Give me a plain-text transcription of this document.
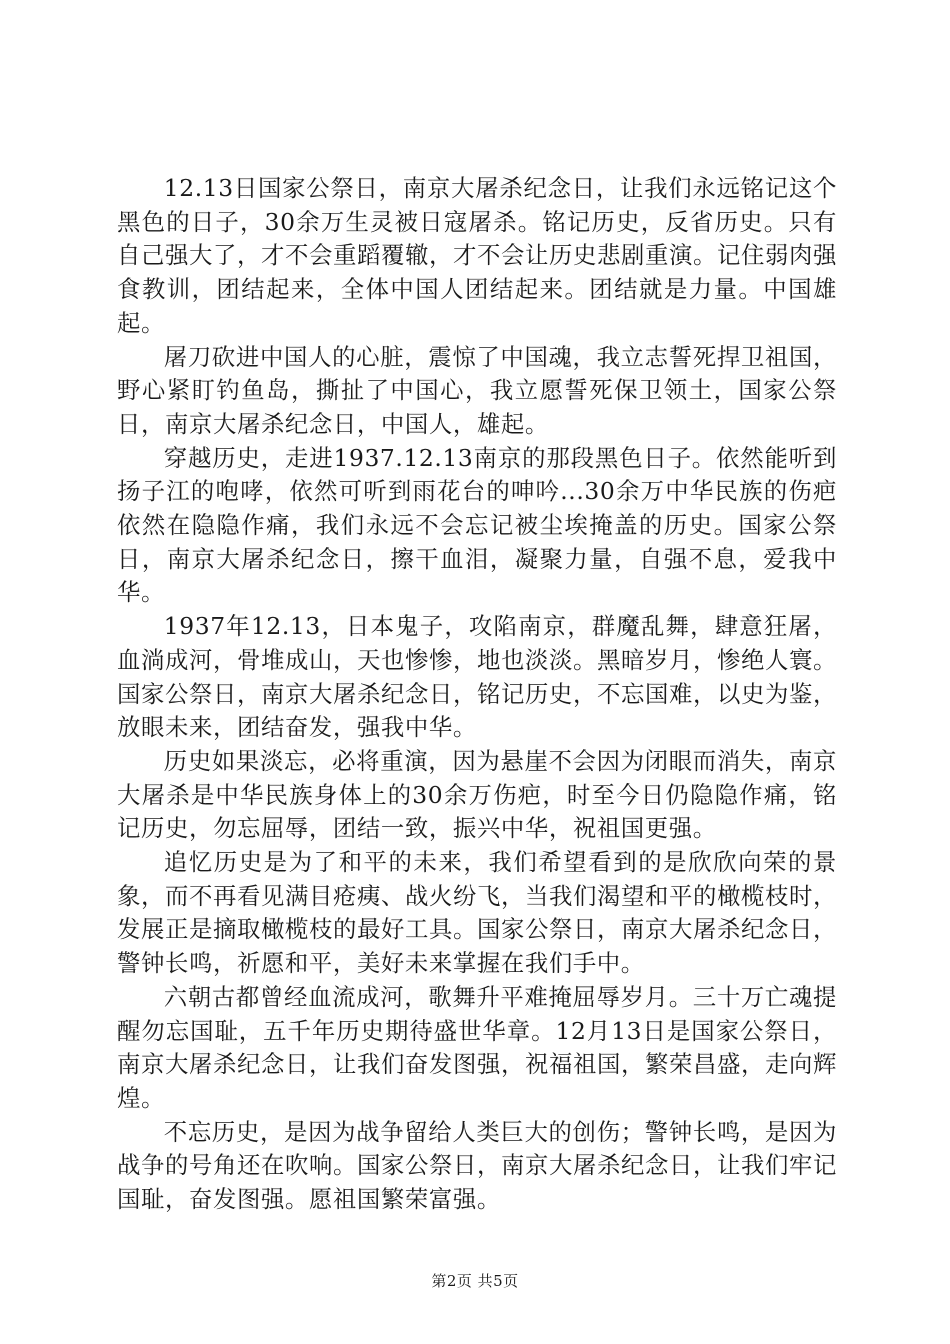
12.13日国家公祭日，南京大屠杀纪念日，让我们永远铭记这个黑色的日子，30余万生灵被日寇屠杀。铭记历史，反省历史。只有自己强大了，才不会重蹈覆辙，才不会让历史悲剧重演。记住弱肉强食教训，团结起来，全体中国人团结起来。团结就是力量。中国雄起。

屠刀砍进中国人的心脏，震惊了中国魂，我立志誓死捍卫祖国，野心紧盯钓鱼岛，撕扯了中国心，我立愿誓死保卫领土，国家公祭日，南京大屠杀纪念日，中国人，雄起。

穿越历史，走进1937.12.13南京的那段黑色日子。依然能听到扬子江的咆哮，依然可听到雨花台的呻吟...30余万中华民族的伤疤依然在隐隐作痛，我们永远不会忘记被尘埃掩盖的历史。国家公祭日，南京大屠杀纪念日，擦干血泪，凝聚力量，自强不息，爱我中华。

1937年12.13，日本鬼子，攻陷南京，群魔乱舞，肆意狂屠，血淌成河，骨堆成山，天也惨惨，地也淡淡。黑暗岁月，惨绝人寰。国家公祭日，南京大屠杀纪念日，铭记历史，不忘国难，以史为鉴，放眼未来，团结奋发，强我中华。

历史如果淡忘，必将重演，因为悬崖不会因为闭眼而消失，南京大屠杀是中华民族身体上的30余万伤疤，时至今日仍隐隐作痛，铭记历史，勿忘屈辱，团结一致，振兴中华，祝祖国更强。

追忆历史是为了和平的未来，我们希望看到的是欣欣向荣的景象，而不再看见满目疮痍、战火纷飞，当我们渴望和平的橄榄枝时，发展正是摘取橄榄枝的最好工具。国家公祭日，南京大屠杀纪念日，警钟长鸣，祈愿和平，美好未来掌握在我们手中。

六朝古都曾经血流成河，歌舞升平难掩屈辱岁月。三十万亡魂提醒勿忘国耻，五千年历史期待盛世华章。12月13日是国家公祭日，南京大屠杀纪念日，让我们奋发图强，祝福祖国，繁荣昌盛，走向辉煌。

不忘历史，是因为战争留给人类巨大的创伤；警钟长鸣，是因为战争的号角还在吹响。国家公祭日，南京大屠杀纪念日，让我们牢记国耻，奋发图强。愿祖国繁荣富强。

第2页 共5页
